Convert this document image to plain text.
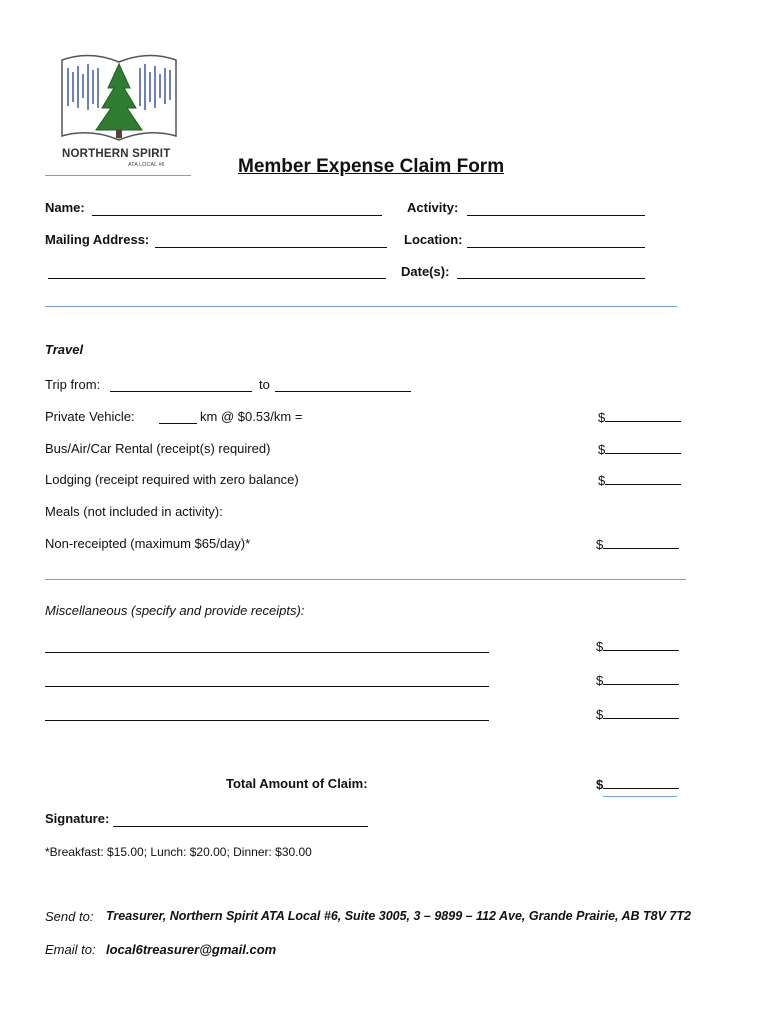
NORTHERN SPIRIT
ATA LOCAL #6	Member Expense Claim Form
Name:	Activity:
Mailing Address:	Location:
Date(s):
Travel
Trip from:	to
Private Vehicle:	km @ $0.53/km =	$
Bus/Air/Car Rental (receipt(s) required)	$
Lodging (receipt required with zero balance)	$
Meals (not included in activity):
Non-receipted (maximum $65/day)*	$
Miscellaneous (specify and provide receipts):
$
$
$
Total Amount of Claim:	$
Signature:
*Breakfast: $15.00; Lunch: $20.00; Dinner: $30.00
Send to: Treasurer, Northern Spirit ATA Local #6, Suite 3005, 3 – 9899 – 112 Ave, Grande Prairie, AB T8V 7T2
Email to: local6treasurer@gmail.com
